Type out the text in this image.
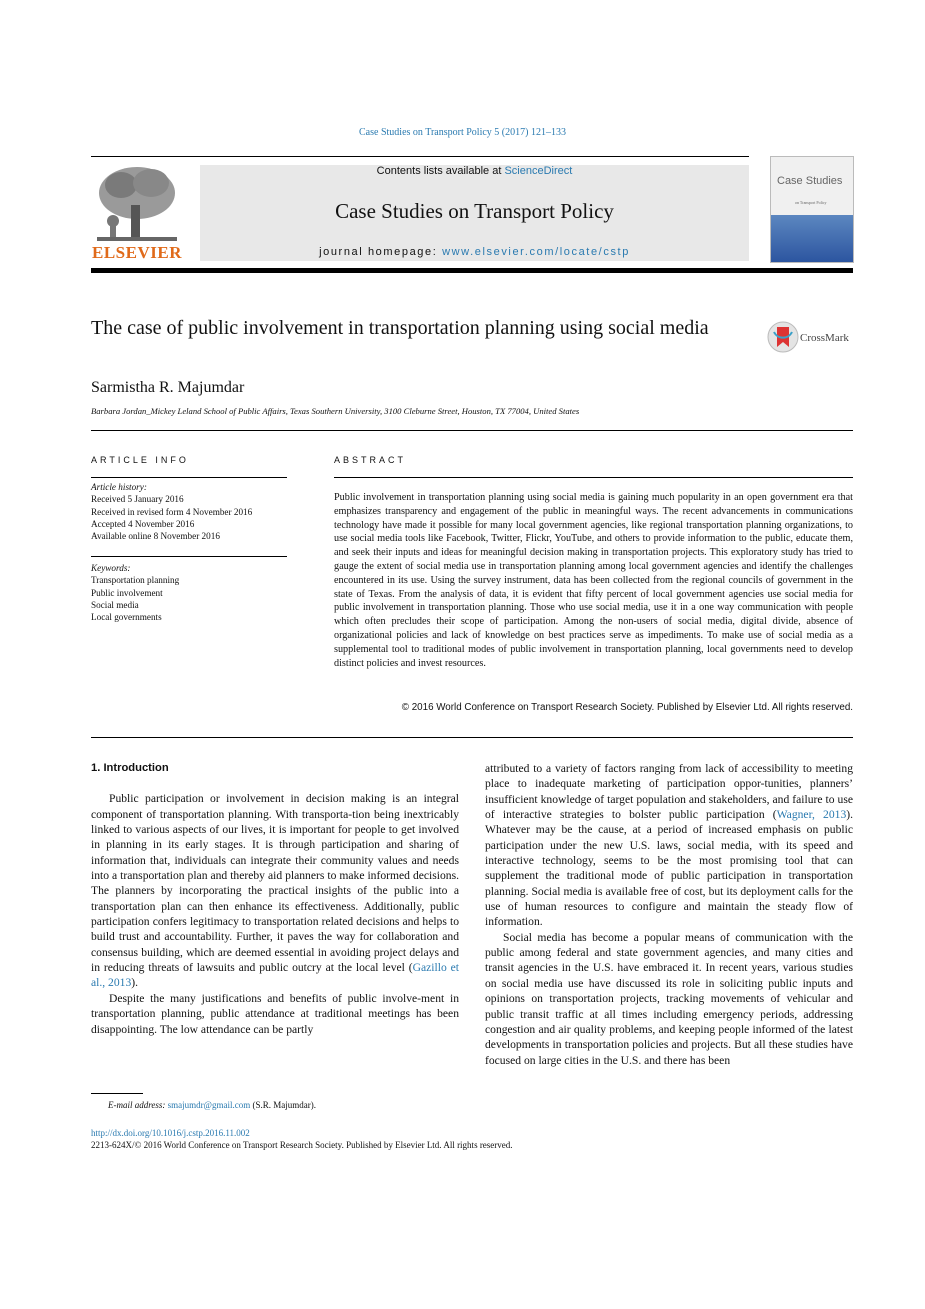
Case Studies on Transport Policy 5 (2017) 121–133
ELSEVIER
Contents lists available at ScienceDirect
Case Studies on Transport Policy
journal homepage: www.elsevier.com/locate/cstp
Case Studies
on Transport Policy
The case of public involvement in transportation planning using social media	CrossMark
Sarmistha R. Majumdar
Barbara Jordan_Mickey Leland School of Public Affairs, Texas Southern University, 3100 Cleburne Street, Houston, TX 77004, United States
ARTICLE INFO	ABSTRACT
Article history:
Received 5 January 2016
Received in revised form 4 November 2016
Accepted 4 November 2016
Available online 8 November 2016
Keywords:
Transportation planning
Public involvement
Social media
Local governments
Public involvement in transportation planning using social media is gaining much popularity in an open government era that emphasizes transparency and engagement of the public in meaningful ways. The recent advancements in communications technology have made it possible for many local government agencies, like regional transportation planning organizations, to use social media tools like Facebook, Twitter, Flickr, YouTube, and others to provide information to the public, educate them, and seek their inputs and ideas for meaningful decision making in transportation projects. This exploratory study has tried to gauge the extent of social media use in transportation planning among local government agencies and identify the challenges encountered in its use. Using the survey instrument, data has been collected from the regional councils of government in the state of Texas. From the analysis of data, it is evident that fifty percent of local government agencies use social media for public involvement in transportation planning. Those who use social media, use it in a one way communication with people which often precludes their scope of participation. Among the non-users of social media, digital divide, absence of organizational policies and lack of knowledge on best practices serve as impediments. To make use of social media as a supplemental tool to traditional modes of public involvement in transportation planning, local governments need to develop distinct policies and invest resources.
© 2016 World Conference on Transport Research Society. Published by Elsevier Ltd. All rights reserved.
1. Introduction

Public participation or involvement in decision making is an integral component of transportation planning. With transporta-tion being inextricably linked to various aspects of our lives, it is important for people to get involved in planning in its early stages. It is through participation and sharing of information that, individuals can integrate their community values and needs into a transportation plan and thereby aid planners to make informed decisions. The planners by incorporating the practical insights of the public into a transportation plan can then enhance its effectiveness. Additionally, public participation confers legitimacy to transportation related decisions and helps to build trust and accountability. Further, it paves the way for collaboration and consensus building, which are deemed essential in avoiding project delays and in reducing threats of lawsuits and public outcry at the local level (Gazillo et al., 2013).

Despite the many justifications and benefits of public involve-ment in transportation planning, public attendance at traditional meetings has been disappointing. The low attendance can be partly

attributed to a variety of factors ranging from lack of accessibility to meeting place to inadequate marketing of participation oppor-tunities, planners’ insufficient knowledge of target population and stakeholders, and failure to use of interactive strategies to bolster public participation (Wagner, 2013). Whatever may be the cause, at a period of increased emphasis on public participation under the new U.S. laws, social media, with its speed and interactive technology, seems to be the most promising tool that can supplement the traditional mode of public participation in transportation planning. Social media is available free of cost, but its deployment calls for the use of human resources to configure and maintain the steady flow of information.

Social media has become a popular means of communication with the public among federal and state government agencies, and many cities and transit agencies in the U.S. have embraced it. In recent years, various studies on social media use have discussed its role in soliciting public inputs and opinions on transportation projects, tracking movements of vehicular and public transit traffic at all times including emergency periods, addressing congestion and air quality problems, and keeping people informed of the latest developments in transportation policies and projects. But all these studies have focused on large cities in the U.S. and there has been

E-mail address: smajumdr@gmail.com (S.R. Majumdar).
http://dx.doi.org/10.1016/j.cstp.2016.11.002
2213-624X/© 2016 World Conference on Transport Research Society. Published by Elsevier Ltd. All rights reserved.
